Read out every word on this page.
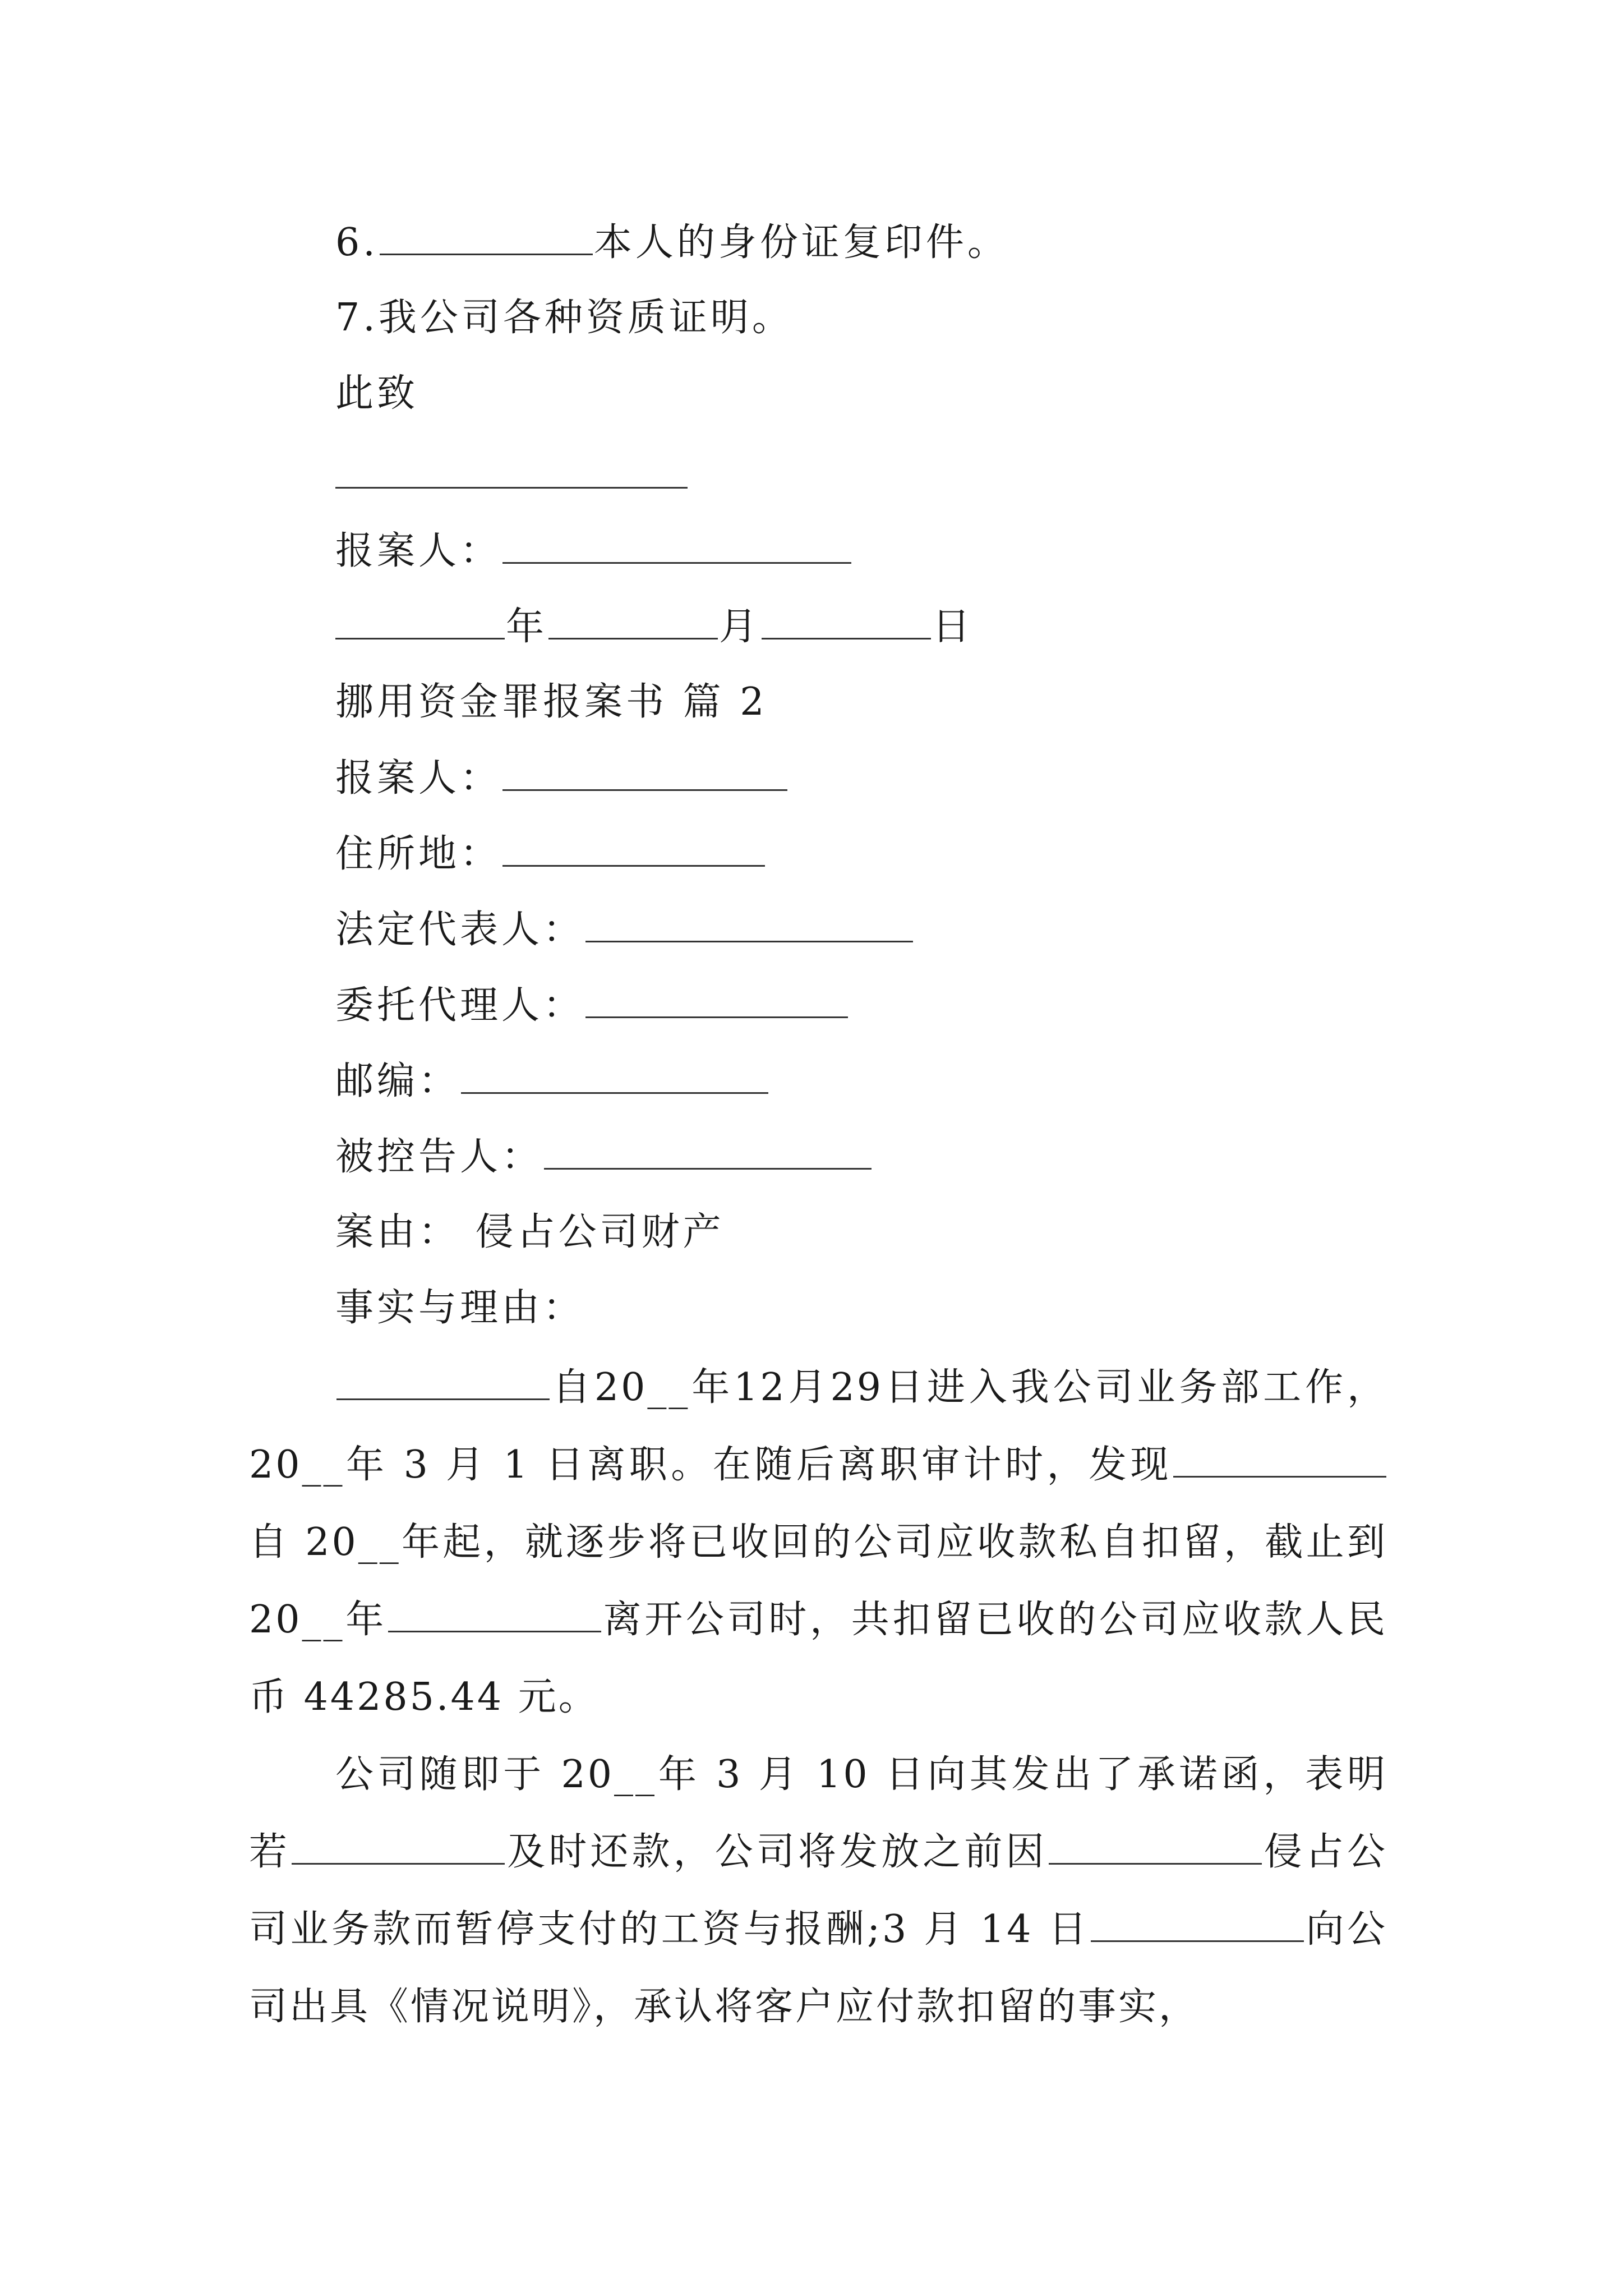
6.	本人的身份证复印件。
7.我公司各种资质证明。
此致
报案人：
年	月	日
挪用资金罪报案书 篇 2
报案人：
住所地：
法定代表人：
委托代理人：
邮编：
被控告人：
案由： 侵占公司财产
事实与理由：
自20__年12月29日进入我公司业务部工作，20__年 3 月 1 日离职。在随后离职审计时，发现自 20__年起，就逐步将已收回的公司应收款私自扣留，截止到 20__年	离开公司时，共扣留已收的公司应收款人民币 44285.44 元。
公司随即于 20__年 3 月 10 日向其发出了承诺函，表明若	及时还款，公司将发放之前因	侵占公司业务款而暂停支付的工资与报酬;3 月 14 日	向公司出具《情况说明》，承认将客户应付款扣留的事实，
